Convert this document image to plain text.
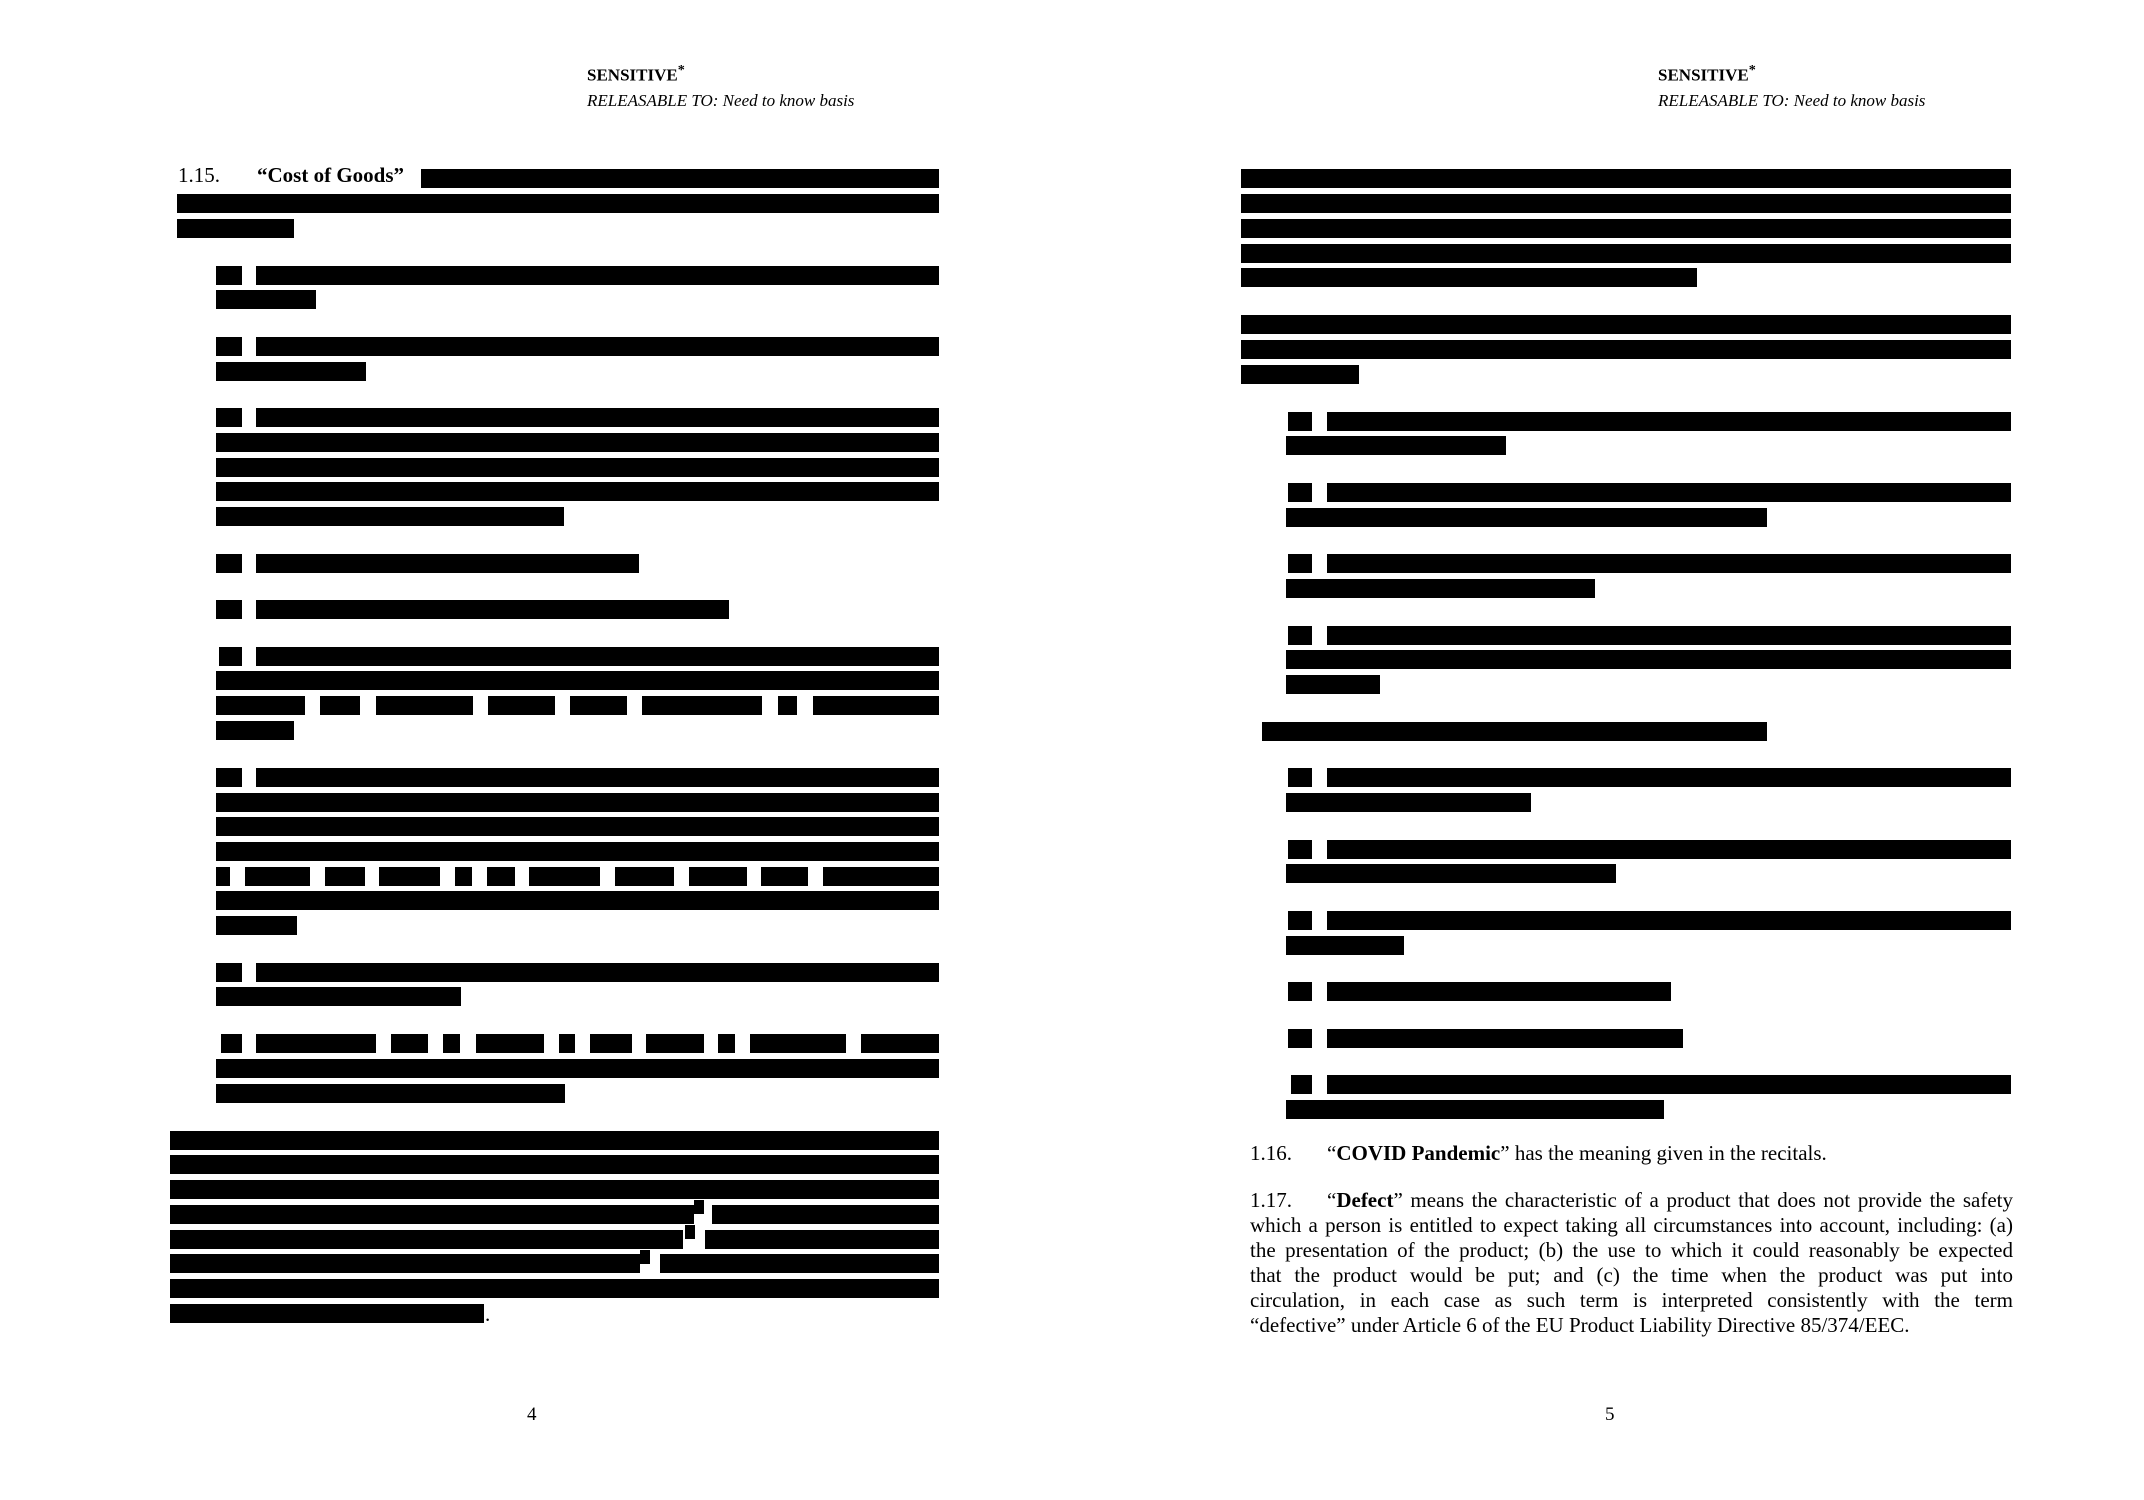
SENSITIVE*
RELEASABLE TO: Need to know basis
1.15. “Cost of Goods”
.
4
SENSITIVE*
RELEASABLE TO: Need to know basis
1.16. “COVID Pandemic” has the meaning given in the recitals.
1.17.	“Defect” means the characteristic of a product that does not provide the safety
which a person is entitled to expect taking all circumstances into account, including: (a)
the presentation of the product; (b) the use to which it could reasonably be expected
that the product would be put; and (c) the time when the product was put into
circulation, in each case as such term is interpreted consistently with the term
“defective” under Article 6 of the EU Product Liability Directive 85/374/EEC.
5
